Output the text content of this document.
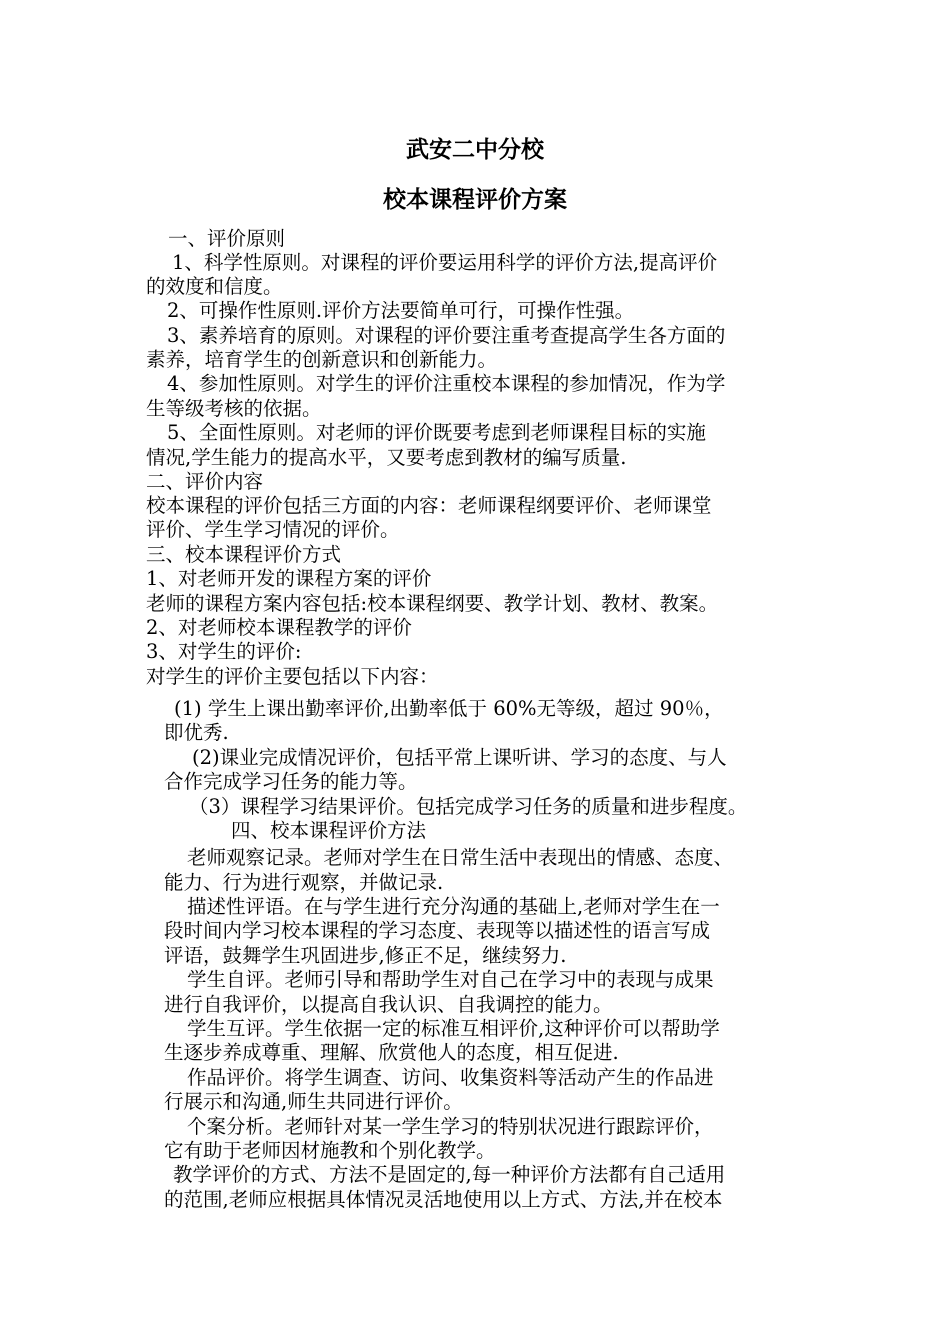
武安二中分校
校本课程评价方案
一、评价原则
1、科学性原则。对课程的评价要运用科学的评价方法,提高评价
的效度和信度。
2、可操作性原则.评价方法要简单可行，可操作性强。
3、素养培育的原则。对课程的评价要注重考查提高学生各方面的
素养，培育学生的创新意识和创新能力。
4、参加性原则。对学生的评价注重校本课程的参加情况，作为学
生等级考核的依据。
5、全面性原则。对老师的评价既要考虑到老师课程目标的实施
情况,学生能力的提高水平，又要考虑到教材的编写质量.
二、评价内容
校本课程的评价包括三方面的内容：老师课程纲要评价、老师课堂
评价、学生学习情况的评价。
三、校本课程评价方式
1、对老师开发的课程方案的评价
老师的课程方案内容包括:校本课程纲要、教学计划、教材、教案。
2、对老师校本课程教学的评价
3、对学生的评价:
对学生的评价主要包括以下内容：
(1) 学生上课出勤率评价,出勤率低于 60%无等级，超过 90％，
即优秀.
(2)课业完成情况评价，包括平常上课听讲、学习的态度、与人
合作完成学习任务的能力等。
（3）课程学习结果评价。包括完成学习任务的质量和进步程度。
四、校本课程评价方法
老师观察记录。老师对学生在日常生活中表现出的情感、态度、
能力、行为进行观察，并做记录.
描述性评语。在与学生进行充分沟通的基础上,老师对学生在一
段时间内学习校本课程的学习态度、表现等以描述性的语言写成
评语，鼓舞学生巩固进步,修正不足，继续努力.
学生自评。老师引导和帮助学生对自己在学习中的表现与成果
进行自我评价，以提高自我认识、自我调控的能力。
学生互评。学生依据一定的标准互相评价,这种评价可以帮助学
生逐步养成尊重、理解、欣赏他人的态度，相互促进.
作品评价。将学生调查、访问、收集资料等活动产生的作品进
行展示和沟通,师生共同进行评价。
个案分析。老师针对某一学生学习的特别状况进行跟踪评价，
它有助于老师因材施教和个别化教学。
教学评价的方式、方法不是固定的,每一种评价方法都有自己适用
的范围,老师应根据具体情况灵活地使用以上方式、方法,并在校本
